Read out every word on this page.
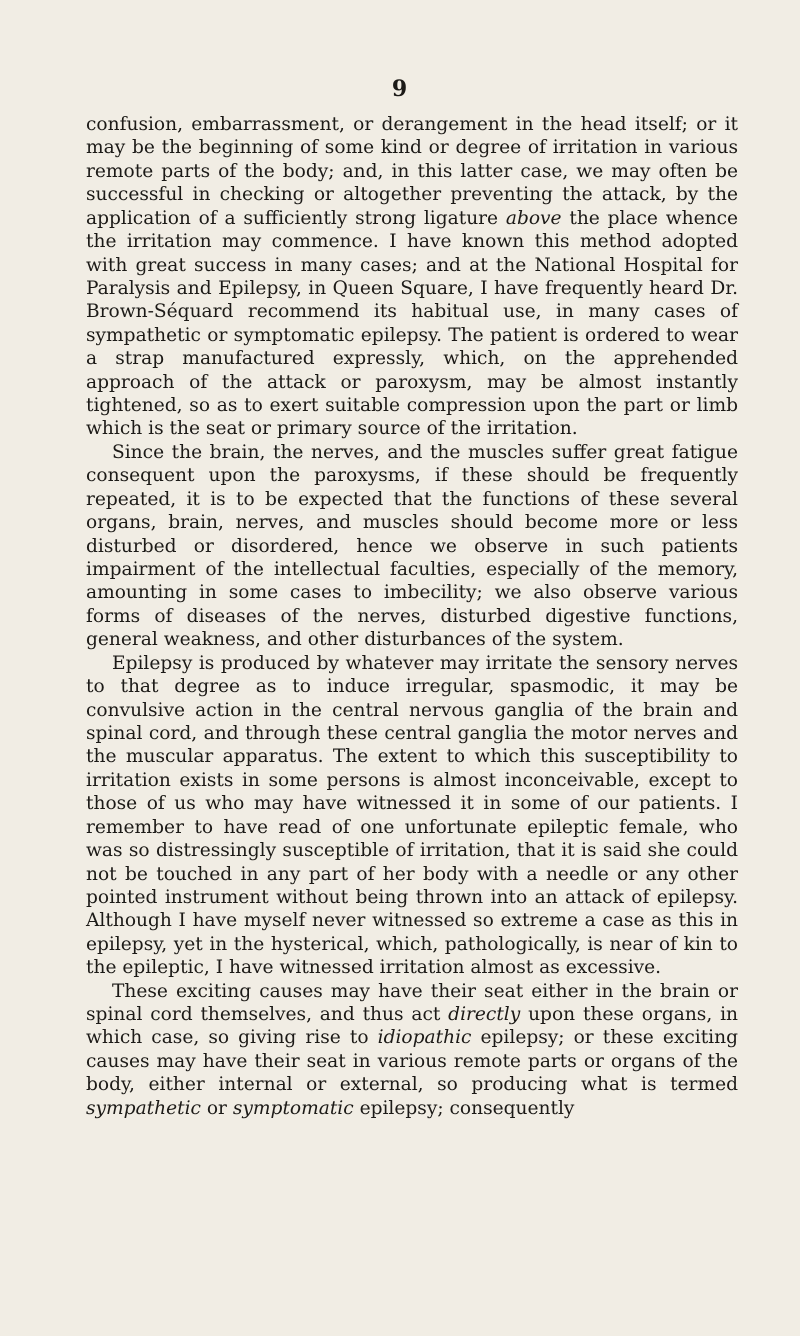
9

confusion, embarrassment, or derangement in the head itself; or it may be the beginning of some kind or degree of irritation in various remote parts of the body; and, in this latter case, we may often be successful in checking or altogether preventing the attack, by the application of a sufficiently strong ligature above the place whence the irritation may commence. I have known this method adopted with great success in many cases; and at the National Hospital for Paralysis and Epilepsy, in Queen Square, I have frequently heard Dr. Brown-Séquard recommend its habitual use, in many cases of sympathetic or symptomatic epilepsy. The patient is ordered to wear a strap manufactured expressly, which, on the apprehended approach of the attack or paroxysm, may be almost instantly tightened, so as to exert suitable compression upon the part or limb which is the seat or primary source of the irritation.

Since the brain, the nerves, and the muscles suffer great fatigue consequent upon the paroxysms, if these should be frequently repeated, it is to be expected that the functions of these several organs, brain, nerves, and muscles should become more or less disturbed or disordered, hence we observe in such patients impairment of the intellectual faculties, especially of the memory, amounting in some cases to imbecility; we also observe various forms of diseases of the nerves, disturbed digestive functions, general weakness, and other disturbances of the system.

Epilepsy is produced by whatever may irritate the sensory nerves to that degree as to induce irregular, spasmodic, it may be convulsive action in the central nervous ganglia of the brain and spinal cord, and through these central ganglia the motor nerves and the muscular apparatus. The extent to which this susceptibility to irritation exists in some persons is almost inconceivable, except to those of us who may have witnessed it in some of our patients. I remember to have read of one unfortunate epileptic female, who was so distressingly susceptible of irritation, that it is said she could not be touched in any part of her body with a needle or any other pointed instrument without being thrown into an attack of epilepsy. Although I have myself never witnessed so extreme a case as this in epilepsy, yet in the hysterical, which, pathologically, is near of kin to the epileptic, I have witnessed irritation almost as excessive.

These exciting causes may have their seat either in the brain or spinal cord themselves, and thus act directly upon these organs, in which case, so giving rise to idiopathic epilepsy; or these exciting causes may have their seat in various remote parts or organs of the body, either internal or external, so producing what is termed sympathetic or symptomatic epilepsy; consequently
